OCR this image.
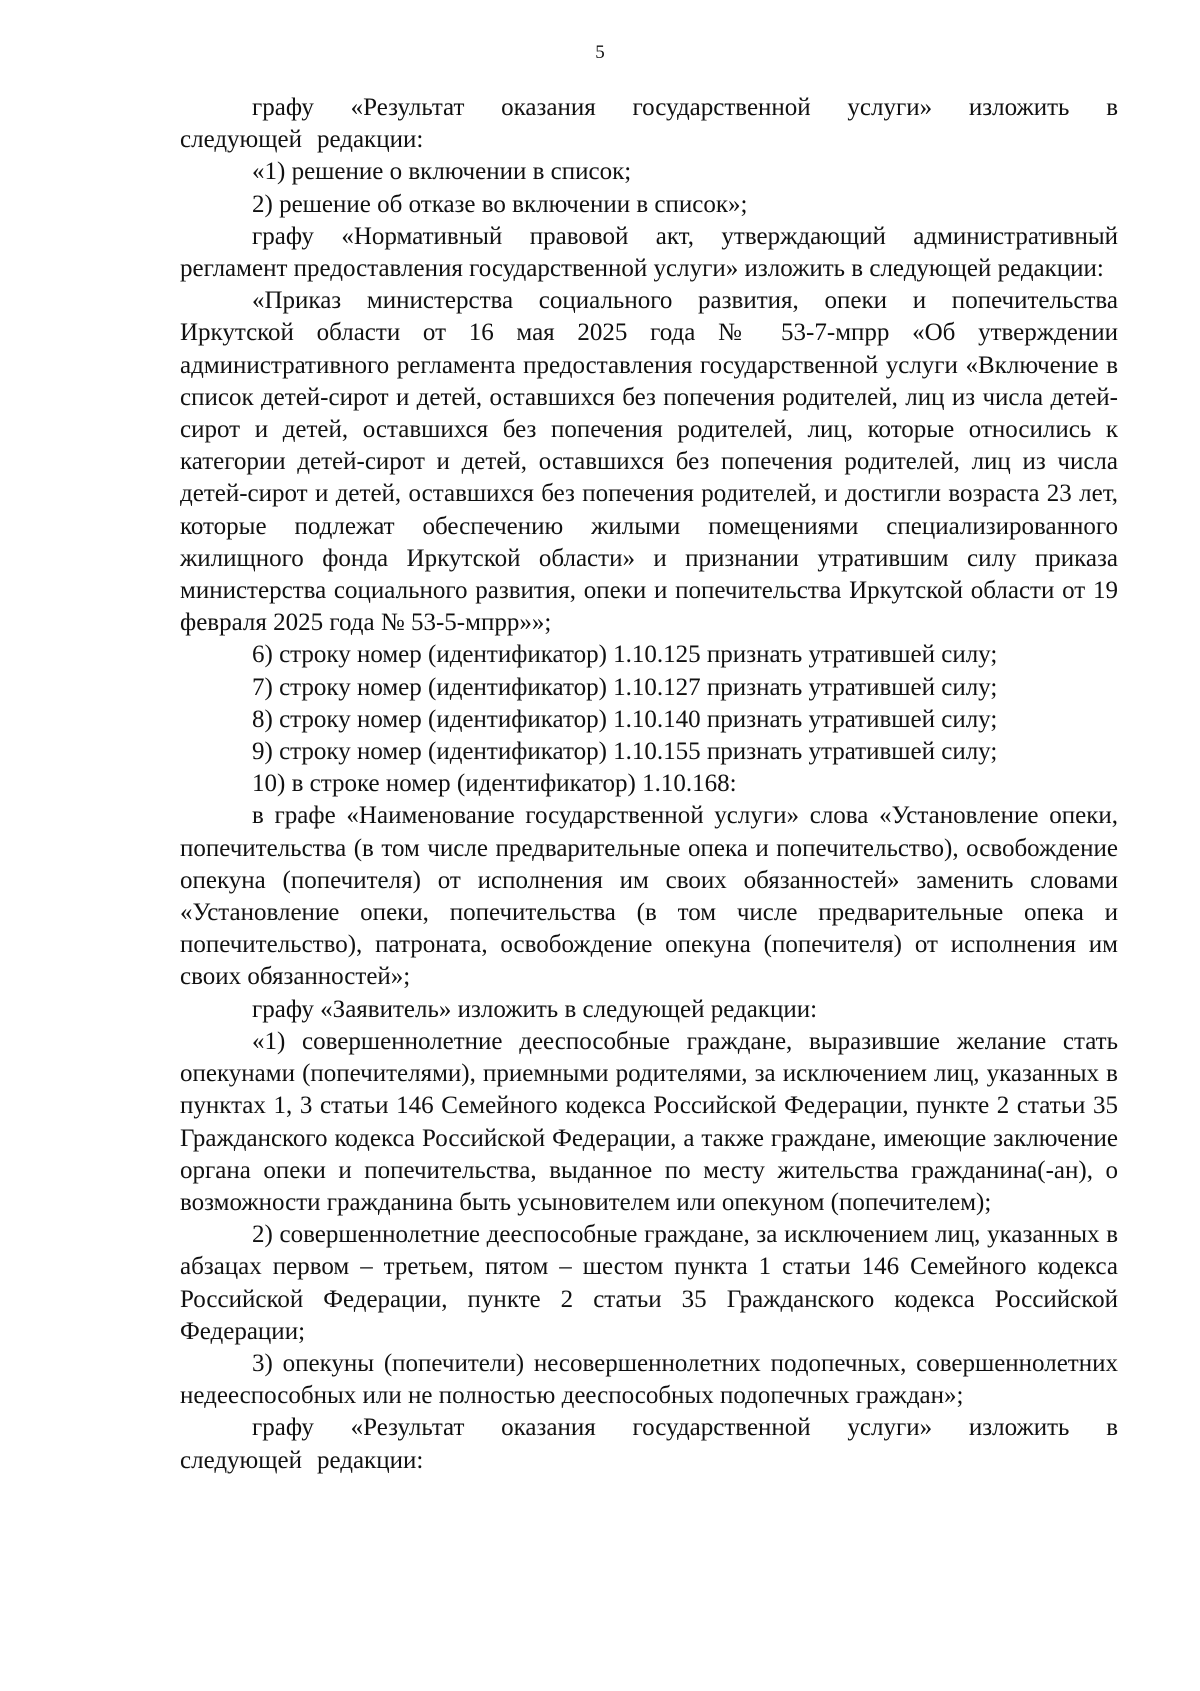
5

графу «Результат оказания государственной услуги» изложить в следующей редакции:

«1) решение о включении в список;

2) решение об отказе во включении в список»;

графу «Нормативный правовой акт, утверждающий административный регламент предоставления государственной услуги» изложить в следующей редакции:

«Приказ министерства социального развития, опеки и попечительства Иркутской области от 16 мая 2025 года № 53-7-мпрр «Об утверждении административного регламента предоставления государственной услуги «Включение в список детей-сирот и детей, оставшихся без попечения родителей, лиц из числа детей-сирот и детей, оставшихся без попечения родителей, лиц, которые относились к категории детей-сирот и детей, оставшихся без попечения родителей, лиц из числа детей-сирот и детей, оставшихся без попечения родителей, и достигли возраста 23 лет, которые подлежат обеспечению жилыми помещениями специализированного жилищного фонда Иркутской области» и признании утратившим силу приказа министерства социального развития, опеки и попечительства Иркутской области от 19 февраля 2025 года № 53-5-мпрр»»;

6) строку номер (идентификатор) 1.10.125 признать утратившей силу;

7) строку номер (идентификатор) 1.10.127 признать утратившей силу;

8) строку номер (идентификатор) 1.10.140 признать утратившей силу;

9) строку номер (идентификатор) 1.10.155 признать утратившей силу;

10) в строке номер (идентификатор) 1.10.168:

в графе «Наименование государственной услуги» слова «Установление опеки, попечительства (в том числе предварительные опека и попечительство), освобождение опекуна (попечителя) от исполнения им своих обязанностей» заменить словами «Установление опеки, попечительства (в том числе предварительные опека и попечительство), патроната, освобождение опекуна (попечителя) от исполнения им своих обязанностей»;

графу «Заявитель» изложить в следующей редакции:

«1) совершеннолетние дееспособные граждане, выразившие желание стать опекунами (попечителями), приемными родителями, за исключением лиц, указанных в пунктах 1, 3 статьи 146 Семейного кодекса Российской Федерации, пункте 2 статьи 35 Гражданского кодекса Российской Федерации, а также граждане, имеющие заключение органа опеки и попечительства, выданное по месту жительства гражданина(-ан), о возможности гражданина быть усыновителем или опекуном (попечителем);

2) совершеннолетние дееспособные граждане, за исключением лиц, указанных в абзацах первом – третьем, пятом – шестом пункта 1 статьи 146 Семейного кодекса Российской Федерации, пункте 2 статьи 35 Гражданского кодекса Российской Федерации;

3) опекуны (попечители) несовершеннолетних подопечных, совершеннолетних недееспособных или не полностью дееспособных подопечных граждан»;

графу «Результат оказания государственной услуги» изложить в следующей редакции:
